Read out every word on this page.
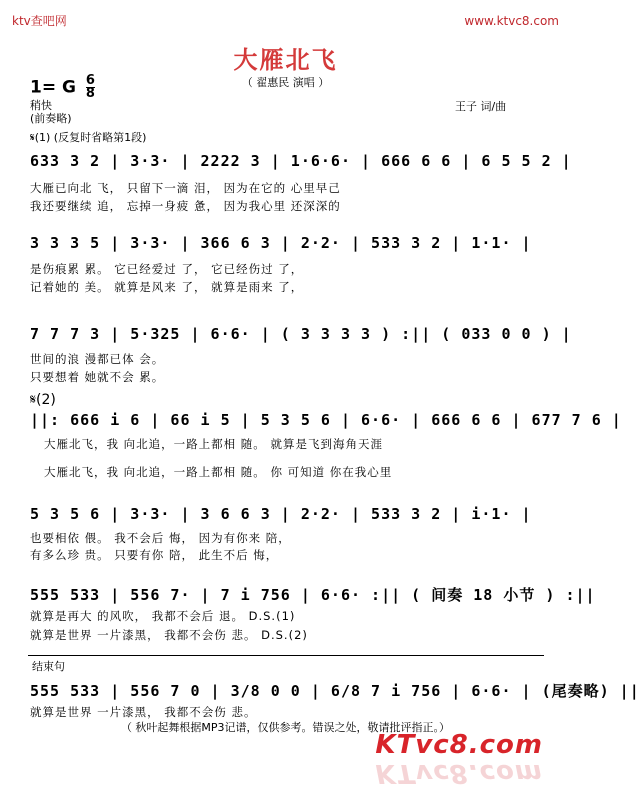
ktv查吧网	www.ktvc8.com
大雁北飞
（ 翟惠民 演唱 ）
1= G $\frac{6}{8}$
稍快
(前奏略)
王子 词/曲
𝄋(1) (反复时省略第1段)
633 3 2 | 3·3· | 2222 3 | 1·6·6· | 666 6 6 | 6 5 5 2 |
大雁已向北 飞， 只留下一滴 泪， 因为在它的 心里早己
我还要继续 追， 忘掉一身疲 惫， 因为我心里 还深深的
3 3 3 5 | 3·3· | 366 6 3 | 2·2· | 533 3 2 | 1·1· |
是伤痕累 累。 它已经爱过 了， 它已经伤过 了，
记着她的 美。 就算是风来 了， 就算是雨来 了，
7 7 7 3 | 5·325 | 6·6· | ( 3 3 3 3 ) :|| ( 033 0 0 ) |
世间的浪 漫都已体 会。
只要想着 她就不会 累。
𝄋(2)
||: 666 i 6 | 66 i 5 | 5 3 5 6 | 6·6· | 666 6 6 | 677 7 6 |
大雁北飞，我 向北追，一路上都相 随。 就算是飞到海角天涯
大雁北飞，我 向北追，一路上都相 随。 你 可知道 你在我心里
5 3 5 6 | 3·3· | 3 6 6 3 | 2·2· | 533 3 2 | i·1· |
也要相依 偎。 我不会后 悔， 因为有你来 陪，
有多么珍 贵。 只要有你 陪， 此生不后 悔，
555 533 | 556 7· | 7 i 756 | 6·6· :|| ( 间奏 18 小节 ) :||
就算是再大 的风吹， 我都不会后 退。 D.S.(1)
就算是世界 一片漆黑， 我都不会伤 悲。 D.S.(2)
结束句
555 533 | 556 7 0 | 3/8 0 0 | 6/8 7 i 756 | 6·6· | (尾奏略) ||
就算是世界 一片漆黑， 我都不会伤 悲。
（ 秋叶起舞根据MP3记谱，仅供参考。错误之处，敬请批评指正。）
KTvc8.com
KTvc8.com
